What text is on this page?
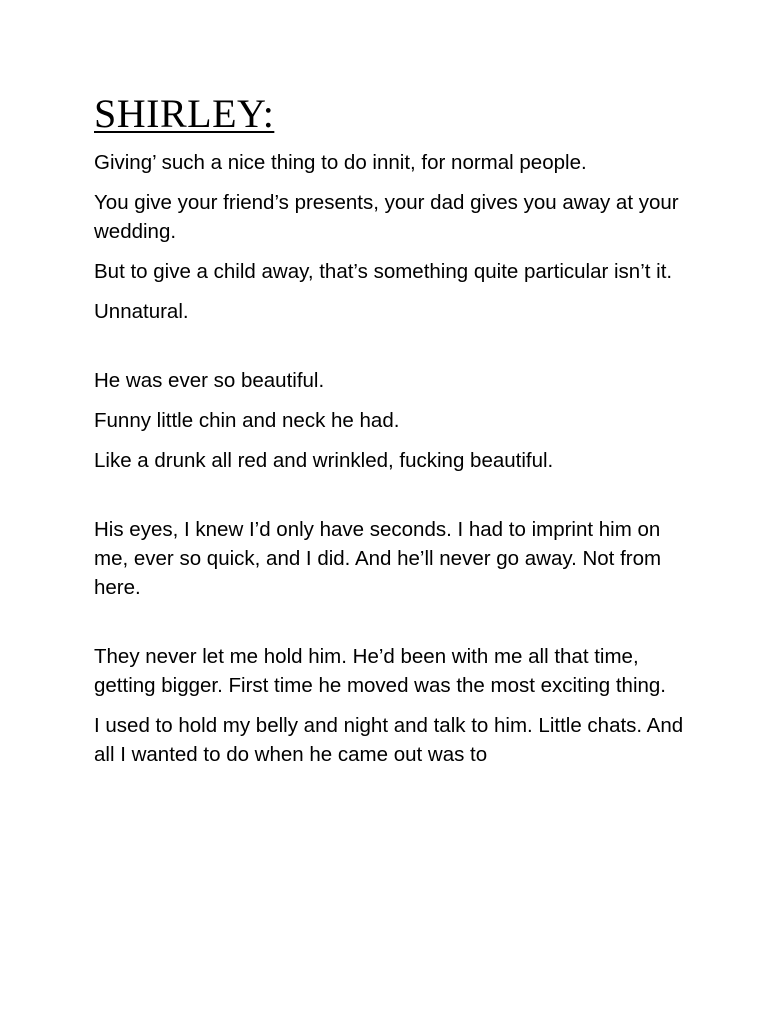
SHIRLEY:

Giving’ such a nice thing to do innit, for normal people.

You give your friend’s presents, your dad gives you away at your wedding.

But to give a child away, that’s something quite particular isn’t it.

Unnatural.

He was ever so beautiful.

Funny little chin and neck he had.

Like a drunk all red and wrinkled, fucking beautiful.

His eyes, I knew I’d only have seconds. I had to imprint him on me, ever so quick, and I did. And he’ll never go away. Not from here.

They never let me hold him. He’d been with me all that time, getting bigger. First time he moved was the most exciting thing.

I used to hold my belly and night and talk to him. Little chats. And all I wanted to do when he came out was to
